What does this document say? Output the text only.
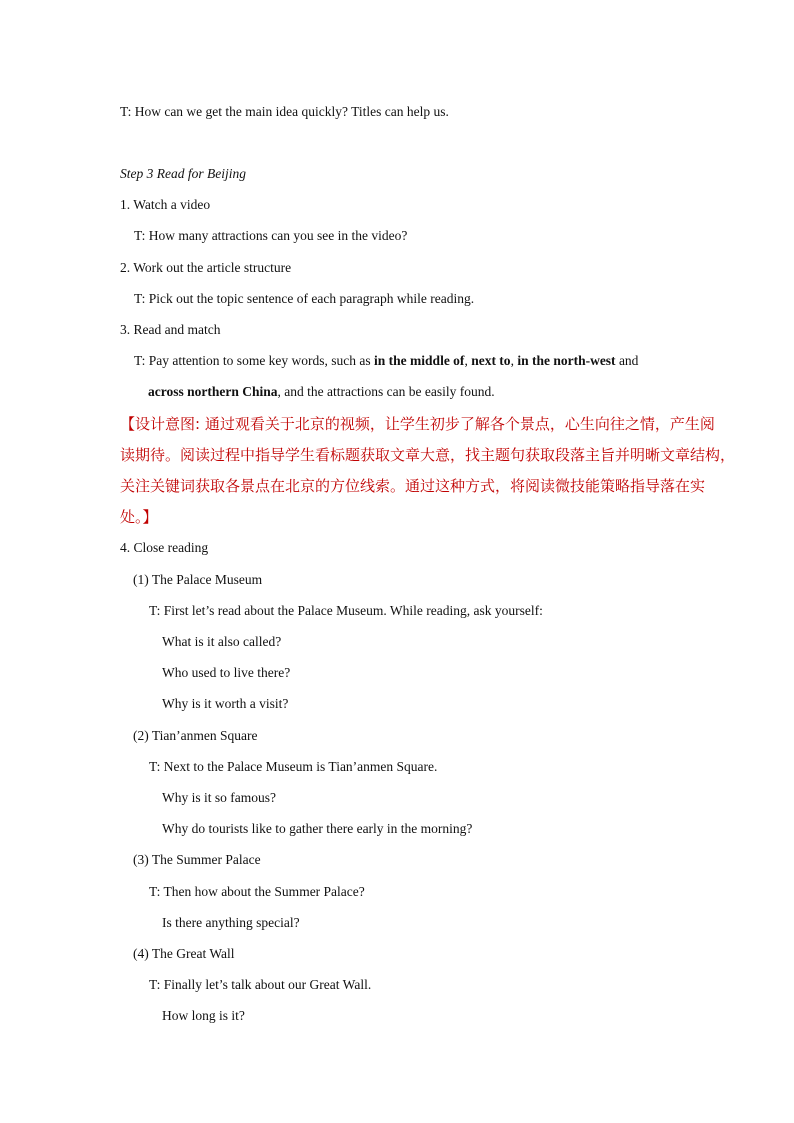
T: How can we get the main idea quickly? Titles can help us.
Step 3 Read for Beijing
1. Watch a video
T: How many attractions can you see in the video?
2. Work out the article structure
T: Pick out the topic sentence of each paragraph while reading.
3. Read and match
T: Pay attention to some key words, such as in the middle of, next to, in the north-west and
across northern China, and the attractions can be easily found.
【设计意图: 通过观看关于北京的视频，让学生初步了解各个景点，心生向往之情，产生阅
读期待。阅读过程中指导学生看标题获取文章大意，找主题句获取段落主旨并明晰文章结构，
关注关键词获取各景点在北京的方位线索。通过这种方式，将阅读微技能策略指导落在实
处。】
4. Close reading
(1) The Palace Museum
T: First let’s read about the Palace Museum. While reading, ask yourself:
What is it also called?
Who used to live there?
Why is it worth a visit?
(2) Tian’anmen Square
T: Next to the Palace Museum is Tian’anmen Square.
Why is it so famous?
Why do tourists like to gather there early in the morning?
(3) The Summer Palace
T: Then how about the Summer Palace?
Is there anything special?
(4) The Great Wall
T: Finally let’s talk about our Great Wall.
How long is it?
